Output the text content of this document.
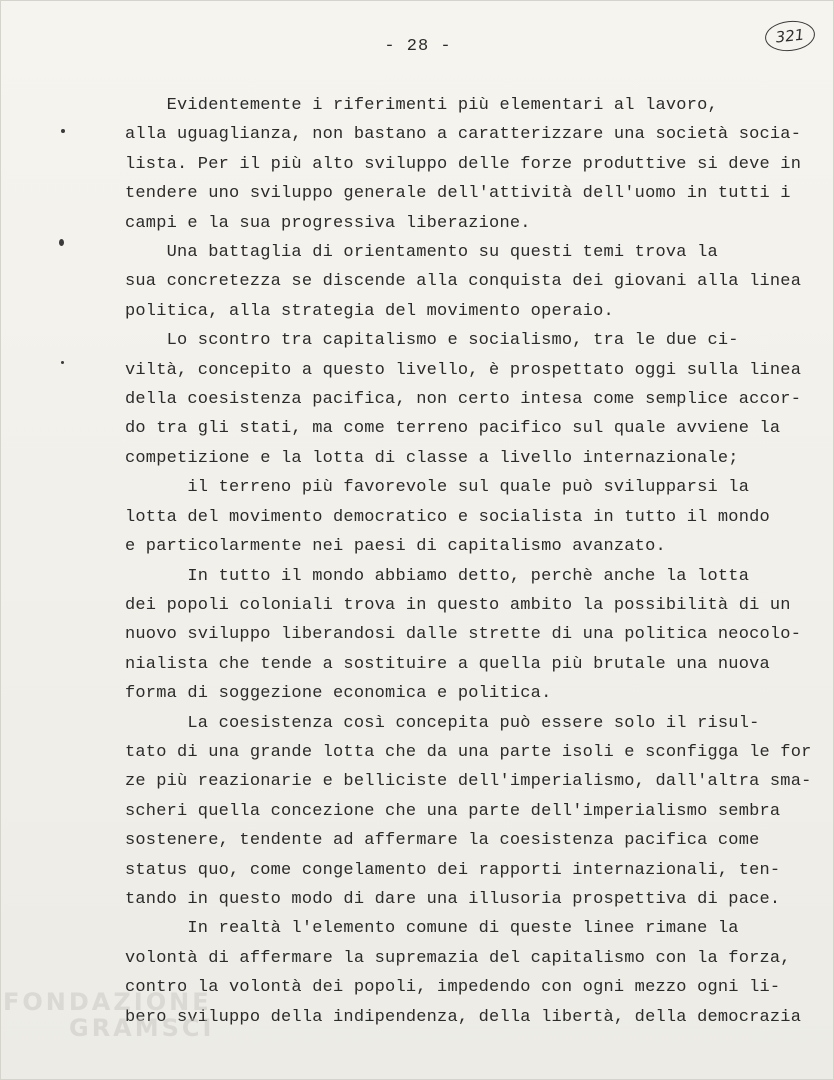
- 28 -
321
Evidentemente i riferimenti più elementari al lavoro,
alla uguaglianza, non bastano a caratterizzare una società socia-
lista. Per il più alto sviluppo delle forze produttive si deve in
tendere uno sviluppo generale dell'attività dell'uomo in tutti i
campi e la sua progressiva liberazione.
Una battaglia di orientamento su questi temi trova la
sua concretezza se discende alla conquista dei giovani alla linea
politica, alla strategia del movimento operaio.
Lo scontro tra capitalismo e socialismo, tra le due ci-
viltà, concepito a questo livello, è prospettato oggi sulla linea
della coesistenza pacifica, non certo intesa come semplice accor-
do tra gli stati, ma come terreno pacifico sul quale avviene la
competizione e la lotta di classe a livello internazionale;
il terreno più favorevole sul quale può svilupparsi la
lotta del movimento democratico e socialista in tutto il mondo
e particolarmente nei paesi di capitalismo avanzato.
In tutto il mondo abbiamo detto, perchè anche la lotta
dei popoli coloniali trova in questo ambito la possibilità di un
nuovo sviluppo liberandosi dalle strette di una politica neocolo-
nialista che tende a sostituire a quella più brutale una nuova
forma di soggezione economica e politica.
La coesistenza così concepita può essere solo il risul-
tato di una grande lotta che da una parte isoli e sconfigga le for
ze più reazionarie e belliciste dell'imperialismo, dall'altra sma-
scheri quella concezione che una parte dell'imperialismo sembra
sostenere, tendente ad affermare la coesistenza pacifica come
status quo, come congelamento dei rapporti internazionali, ten-
tando in questo modo di dare una illusoria prospettiva di pace.
In realtà l'elemento comune di queste linee rimane la
volontà di affermare la supremazia del capitalismo con la forza,
contro la volontà dei popoli, impedendo con ogni mezzo ogni li-
bero sviluppo della indipendenza, della libertà, della democrazia
FONDAZIONE
GRAMSCI
